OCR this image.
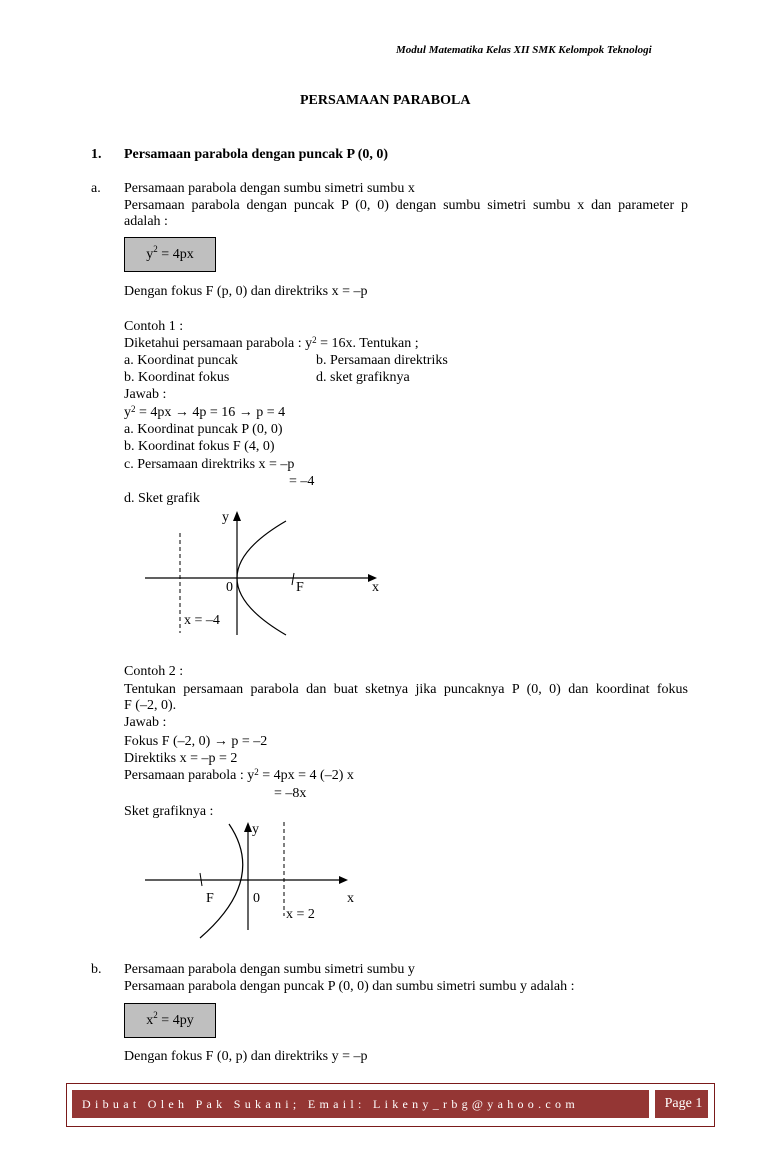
Modul Matematika Kelas XII SMK Kelompok Teknologi
PERSAMAAN PARABOLA
1. Persamaan parabola dengan puncak P (0, 0)
a. Persamaan parabola dengan sumbu simetri sumbu x
Persamaan parabola dengan puncak P (0, 0) dengan sumbu simetri sumbu x dan parameter p
adalah :
$y^2 = 4px$
Dengan fokus F (p, 0) dan direktriks x = –p
Contoh 1 :
Diketahui persamaan parabola : $y^2 = 16x$. Tentukan ;
a. Koordinat puncak	b. Persamaan direktriks
b. Koordinat fokus	d. sket grafiknya
Jawab :
$y^2 = 4px \to 4p = 16 \to p = 4$
a. Koordinat puncak P (0, 0)
b. Koordinat fokus F (4, 0)
c. Persamaan direktriks x = –p
= –4
d. Sket grafik
y
x
0	F
x = –4
Contoh 2 :
Tentukan persamaan parabola dan buat sketnya jika puncaknya P (0, 0) dan koordinat fokus
F (–2, 0).
Jawab :
Fokus F (–2, 0) → p = –2
Direktiks x = –p = 2
Persamaan parabola : $y^2 = 4px = 4$ (–2) x
= –8x
Sket grafiknya :
y
x
0
F
x = 2
b. Persamaan parabola dengan sumbu simetri sumbu y
Persamaan parabola dengan puncak P (0, 0) dan sumbu simetri sumbu y adalah :
$x^2 = 4py$
Dengan fokus F (0, p) dan direktriks y = –p
Dibuat Oleh Pak Sukani; Email: Likeny_rbg@yahoo.com	Page 1
